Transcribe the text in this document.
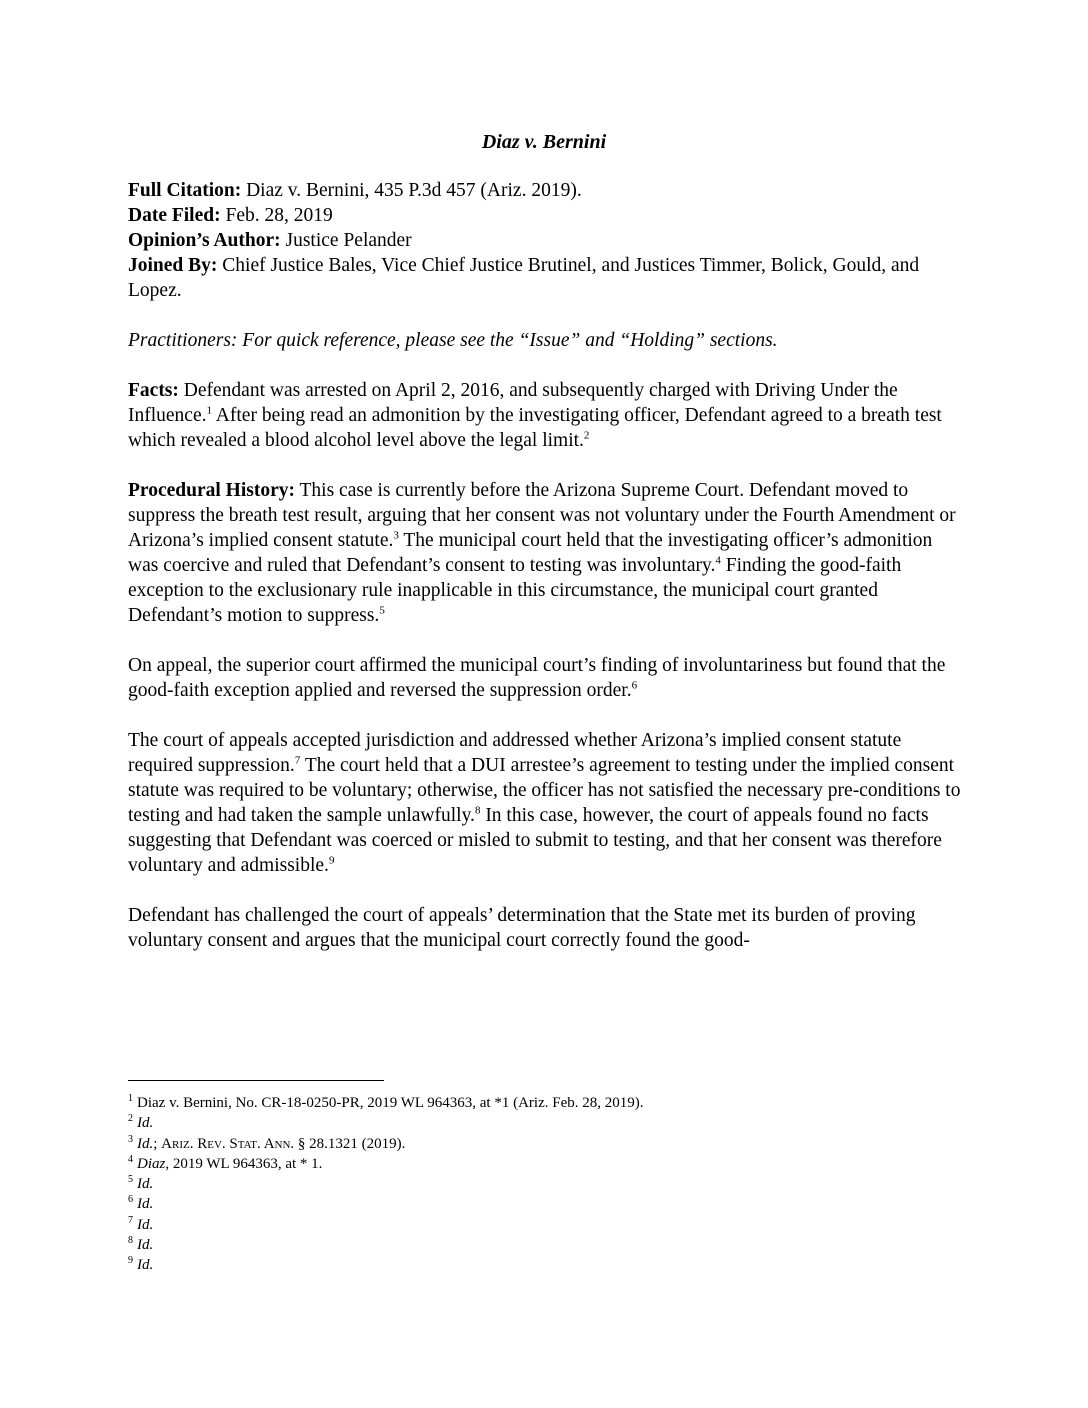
Diaz v. Bernini

Full Citation: Diaz v. Bernini, 435 P.3d 457 (Ariz. 2019).

Date Filed: Feb. 28, 2019

Opinion’s Author: Justice Pelander

Joined By: Chief Justice Bales, Vice Chief Justice Brutinel, and Justices Timmer, Bolick, Gould, and Lopez.

Practitioners: For quick reference, please see the “Issue” and “Holding” sections.

Facts: Defendant was arrested on April 2, 2016, and subsequently charged with Driving Under the Influence.$^1$ After being read an admonition by the investigating officer, Defendant agreed to a breath test which revealed a blood alcohol level above the legal limit.$^2$

Procedural History: This case is currently before the Arizona Supreme Court. Defendant moved to suppress the breath test result, arguing that her consent was not voluntary under the Fourth Amendment or Arizona’s implied consent statute.$^3$ The municipal court held that the investigating officer’s admonition was coercive and ruled that Defendant’s consent to testing was involuntary.$^4$ Finding the good-faith exception to the exclusionary rule inapplicable in this circumstance, the municipal court granted Defendant’s motion to suppress.$^5$

On appeal, the superior court affirmed the municipal court’s finding of involuntariness but found that the good-faith exception applied and reversed the suppression order.$^6$

The court of appeals accepted jurisdiction and addressed whether Arizona’s implied consent statute required suppression.$^7$ The court held that a DUI arrestee’s agreement to testing under the implied consent statute was required to be voluntary; otherwise, the officer has not satisfied the necessary pre-conditions to testing and had taken the sample unlawfully.$^8$ In this case, however, the court of appeals found no facts suggesting that Defendant was coerced or misled to submit to testing, and that her consent was therefore voluntary and admissible.$^9$

Defendant has challenged the court of appeals’ determination that the State met its burden of proving voluntary consent and argues that the municipal court correctly found the good-

$^1$ Diaz v. Bernini, No. CR-18-0250-PR, 2019 WL 964363, at *1 (Ariz. Feb. 28, 2019).

$^2$ Id.

$^3$ Id.; Ariz. Rev. Stat. Ann. § 28.1321 (2019).

$^4$ Diaz, 2019 WL 964363, at * 1.

$^5$ Id.

$^6$ Id.

$^7$ Id.

$^8$ Id.

$^9$ Id.
